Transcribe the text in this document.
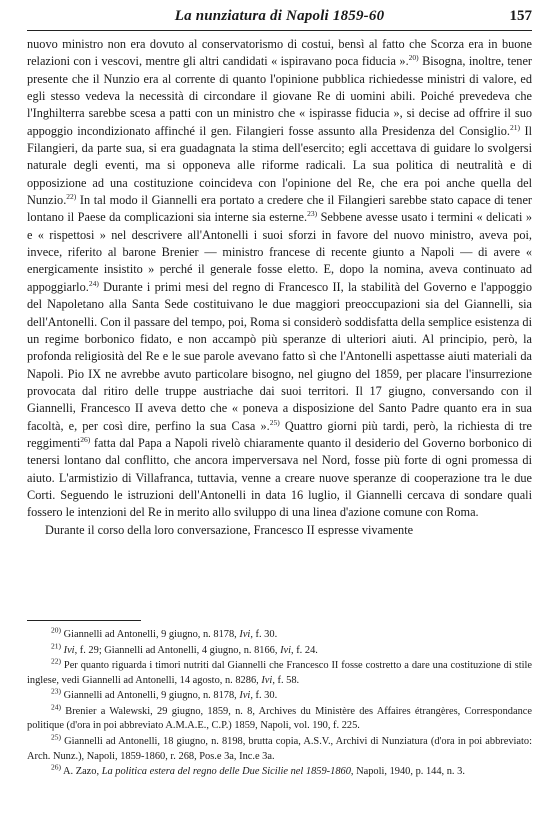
La nunziatura di Napoli 1859-60	157

nuovo ministro non era dovuto al conservatorismo di costui, bensì al fatto che Scorza era in buone relazioni con i vescovi, mentre gli altri candidati « ispiravano poca fiducia ».$^{20)}$ Bisogna, inoltre, tener presente che il Nunzio era al corrente di quanto l'opinione pubblica richiedesse ministri di valore, ed egli stesso vedeva la necessità di circondare il giovane Re di uomini abili. Poiché prevedeva che l'Inghilterra sarebbe scesa a patti con un ministro che « ispirasse fiducia », si decise ad offrire il suo appoggio incondizionato affinché il gen. Filangieri fosse assunto alla Presidenza del Consiglio.$^{21)}$ Il Filangieri, da parte sua, si era guadagnata la stima dell'esercito; egli accettava di guidare lo svolgersi naturale degli eventi, ma si opponeva alle riforme radicali. La sua politica di neutralità e di opposizione ad una costituzione coincideva con l'opinione del Re, che era poi anche quella del Nunzio.$^{22)}$ In tal modo il Giannelli era portato a credere che il Filangieri sarebbe stato capace di tener lontano il Paese da complicazioni sia interne sia esterne.$^{23)}$ Sebbene avesse usato i termini « delicati » e « rispettosi » nel descrivere all'Antonelli i suoi sforzi in favore del nuovo ministro, aveva poi, invece, riferito al barone Brenier — ministro francese di recente giunto a Napoli — di avere « energicamente insistito » perché il generale fosse eletto. E, dopo la nomina, aveva continuato ad appoggiarlo.$^{24)}$ Durante i primi mesi del regno di Francesco II, la stabilità del Governo e l'appoggio del Napoletano alla Santa Sede costituivano le due maggiori preoccupazioni sia del Giannelli, sia dell'Antonelli. Con il passare del tempo, poi, Roma si considerò soddisfatta della semplice esistenza di un regime borbonico fidato, e non accampò più speranze di ulteriori aiuti. Al principio, però, la profonda religiosità del Re e le sue parole avevano fatto sì che l'Antonelli aspettasse aiuti materiali da Napoli. Pio IX ne avrebbe avuto particolare bisogno, nel giugno del 1859, per placare l'insurrezione provocata dal ritiro delle truppe austriache dai suoi territori. Il 17 giugno, conversando con il Giannelli, Francesco II aveva detto che « poneva a disposizione del Santo Padre quanto era in sua facoltà, e, per così dire, perfino la sua Casa ».$^{25)}$ Quattro giorni più tardi, però, la richiesta di tre reggimenti$^{26)}$ fatta dal Papa a Napoli rivelò chiaramente quanto il desiderio del Governo borbonico di tenersi lontano dal conflitto, che ancora imperversava nel Nord, fosse più forte di ogni promessa di aiuto. L'armistizio di Villafranca, tuttavia, venne a creare nuove speranze di cooperazione tra le due Corti. Seguendo le istruzioni dell'Antonelli in data 16 luglio, il Giannelli cercava di sondare quali fossero le intenzioni del Re in merito allo sviluppo di una linea d'azione comune con Roma.

Durante il corso della loro conversazione, Francesco II espresse vivamente

$^{20)}$ Giannelli ad Antonelli, 9 giugno, n. 8178, Ivi, f. 30.

$^{21)}$ Ivi, f. 29; Giannelli ad Antonelli, 4 giugno, n. 8166, Ivi, f. 24.

$^{22)}$ Per quanto riguarda i timori nutriti dal Giannelli che Francesco II fosse costretto a dare una costituzione di stile inglese, vedi Giannelli ad Antonelli, 14 agosto, n. 8286, Ivi, f. 58.

$^{23)}$ Giannelli ad Antonelli, 9 giugno, n. 8178, Ivi, f. 30.

$^{24)}$ Brenier a Walewski, 29 giugno, 1859, n. 8, Archives du Ministère des Affaires étrangères, Correspondance politique (d'ora in poi abbreviato A.M.A.E., C.P.) 1859, Napoli, vol. 190, f. 225.

$^{25)}$ Giannelli ad Antonelli, 18 giugno, n. 8198, brutta copia, A.S.V., Archivi di Nunziatura (d'ora in poi abbreviato: Arch. Nunz.), Napoli, 1859-1860, r. 268, Pos.e 3a, Inc.e 3a.

$^{26)}$ A. Zazo, La politica estera del regno delle Due Sicilie nel 1859-1860, Napoli, 1940, p. 144, n. 3.
